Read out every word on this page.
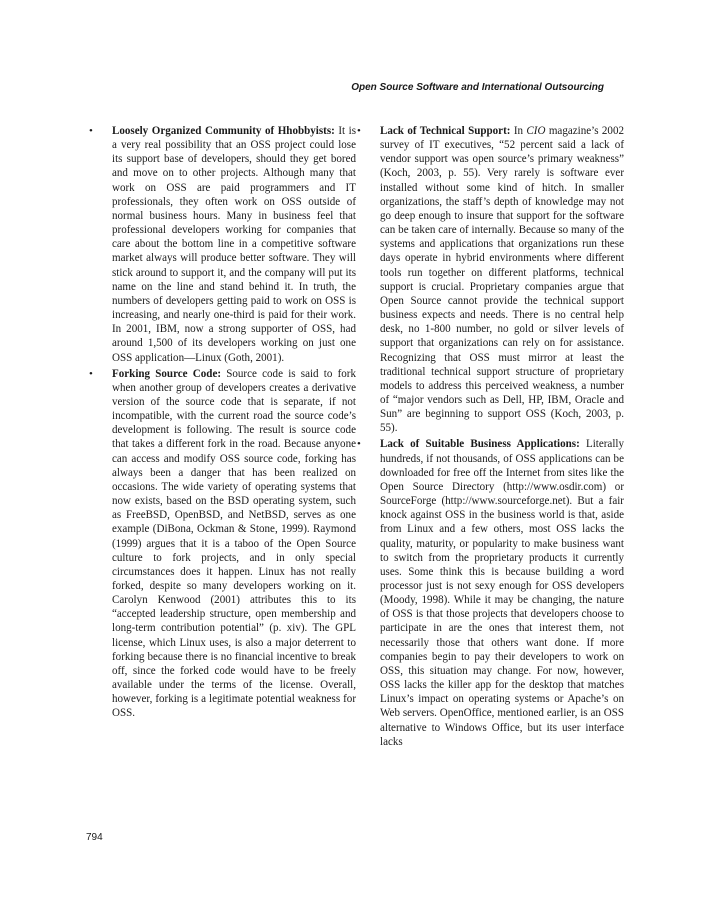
Open Source Software and International Outsourcing
• Loosely Organized Community of Hhobbyists: It is a very real possibility that an OSS project could lose its support base of developers, should they get bored and move on to other projects. Although many that work on OSS are paid programmers and IT professionals, they often work on OSS outside of normal business hours. Many in business feel that professional developers working for companies that care about the bottom line in a competitive software market always will produce better software. They will stick around to support it, and the company will put its name on the line and stand behind it. In truth, the numbers of developers getting paid to work on OSS is increasing, and nearly one-third is paid for their work. In 2001, IBM, now a strong supporter of OSS, had around 1,500 of its developers working on just one OSS application—Linux (Goth, 2001).

• Forking Source Code: Source code is said to fork when another group of developers creates a derivative version of the source code that is separate, if not incompatible, with the current road the source code’s development is following. The result is source code that takes a different fork in the road. Because anyone can access and modify OSS source code, forking has always been a danger that has been realized on occasions. The wide variety of operating systems that now exists, based on the BSD operating system, such as FreeBSD, OpenBSD, and NetBSD, serves as one example (DiBona, Ockman & Stone, 1999). Raymond (1999) argues that it is a taboo of the Open Source culture to fork projects, and in only special circumstances does it happen. Linux has not really forked, despite so many developers working on it. Carolyn Kenwood (2001) attributes this to its “accepted leadership structure, open membership and long-term contribution potential” (p. xiv). The GPL license, which Linux uses, is also a major deterrent to forking because there is no financial incentive to break off, since the forked code would have to be freely available under the terms of the license. Overall, however, forking is a legitimate potential weakness for OSS.

• Lack of Technical Support: In CIO magazine’s 2002 survey of IT executives, “52 percent said a lack of vendor support was open source’s primary weakness” (Koch, 2003, p. 55). Very rarely is software ever installed without some kind of hitch. In smaller organizations, the staff’s depth of knowledge may not go deep enough to insure that support for the software can be taken care of internally. Because so many of the systems and applications that organizations run these days operate in hybrid environments where different tools run together on different platforms, technical support is crucial. Proprietary companies argue that Open Source cannot provide the technical support business expects and needs. There is no central help desk, no 1-800 number, no gold or silver levels of support that organizations can rely on for assistance. Recognizing that OSS must mirror at least the traditional technical support structure of proprietary models to address this perceived weakness, a number of “major vendors such as Dell, HP, IBM, Oracle and Sun” are beginning to support OSS (Koch, 2003, p. 55).

• Lack of Suitable Business Applications: Literally hundreds, if not thousands, of OSS applications can be downloaded for free off the Internet from sites like the Open Source Directory (http://www.osdir.com) or SourceForge (http://www.sourceforge.net). But a fair knock against OSS in the business world is that, aside from Linux and a few others, most OSS lacks the quality, maturity, or popularity to make business want to switch from the proprietary products it currently uses. Some think this is because building a word processor just is not sexy enough for OSS developers (Moody, 1998). While it may be changing, the nature of OSS is that those projects that developers choose to participate in are the ones that interest them, not necessarily those that others want done. If more companies begin to pay their developers to work on OSS, this situation may change. For now, however, OSS lacks the killer app for the desktop that matches Linux’s impact on operating systems or Apache’s on Web servers. OpenOffice, mentioned earlier, is an OSS alternative to Windows Office, but its user interface lacks

794
